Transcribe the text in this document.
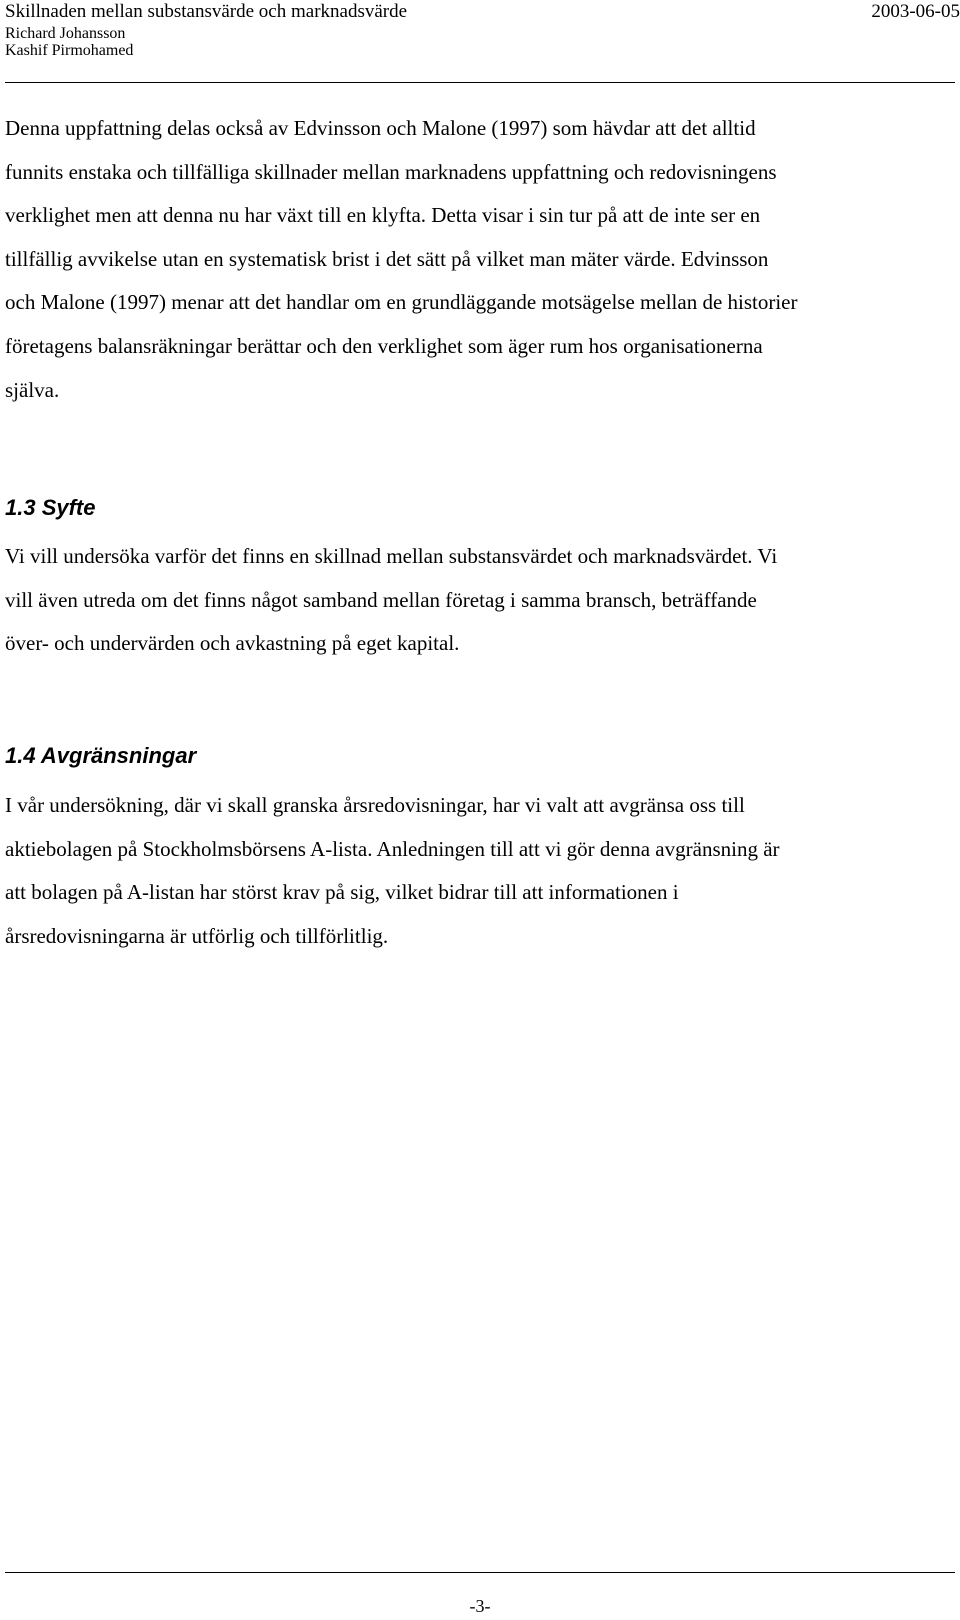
Skillnaden mellan substansvärde och marknadsvärde	2003-06-05
Richard Johansson
Kashif Pirmohamed

Denna uppfattning delas också av Edvinsson och Malone (1997) som hävdar att det alltid
funnits enstaka och tillfälliga skillnader mellan marknadens uppfattning och redovisningens
verklighet men att denna nu har växt till en klyfta. Detta visar i sin tur på att de inte ser en
tillfällig avvikelse utan en systematisk brist i det sätt på vilket man mäter värde. Edvinsson
och Malone (1997) menar att det handlar om en grundläggande motsägelse mellan de historier
företagens balansräkningar berättar och den verklighet som äger rum hos organisationerna
själva.

1.3 Syfte

Vi vill undersöka varför det finns en skillnad mellan substansvärdet och marknadsvärdet. Vi
vill även utreda om det finns något samband mellan företag i samma bransch, beträffande
över- och undervärden och avkastning på eget kapital.

1.4 Avgränsningar

I vår undersökning, där vi skall granska årsredovisningar, har vi valt att avgränsa oss till
aktiebolagen på Stockholmsbörsens A-lista. Anledningen till att vi gör denna avgränsning är
att bolagen på A-listan har störst krav på sig, vilket bidrar till att informationen i
årsredovisningarna är utförlig och tillförlitlig.

-3-
